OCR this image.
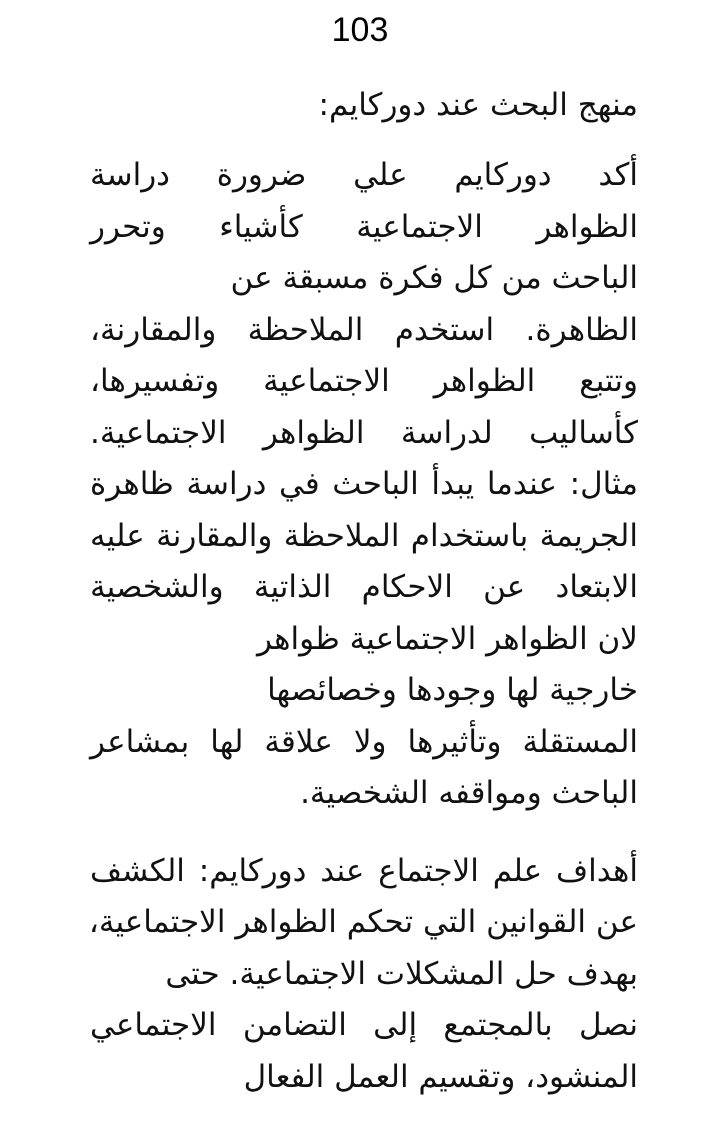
103
منهج البحث عند دوركايم:
أكد دوركايم علي ضرورة دراسة
الظواهر الاجتماعية كأشياء وتحرر
الباحث من كل فكرة مسبقة عن
الظاهرة. استخدم الملاحظة والمقارنة،
وتتبع الظواهر الاجتماعية وتفسيرها،
كأساليب لدراسة الظواهر الاجتماعية.
مثال: عندما يبدأ الباحث في دراسة ظاهرة
الجريمة باستخدام الملاحظة والمقارنة عليه
الابتعاد عن الاحكام الذاتية والشخصية
لان الظواهر الاجتماعية ظواهر
خارجية لها وجودها وخصائصها
المستقلة وتأثيرها ولا علاقة لها بمشاعر
الباحث ومواقفه الشخصية.
أهداف علم الاجتماع عند دوركايم: الكشف
عن القوانين التي تحكم الظواهر الاجتماعية،
بهدف حل المشكلات الاجتماعية. حتى
نصل بالمجتمع إلى التضامن الاجتماعي
المنشود، وتقسيم العمل الفعال
